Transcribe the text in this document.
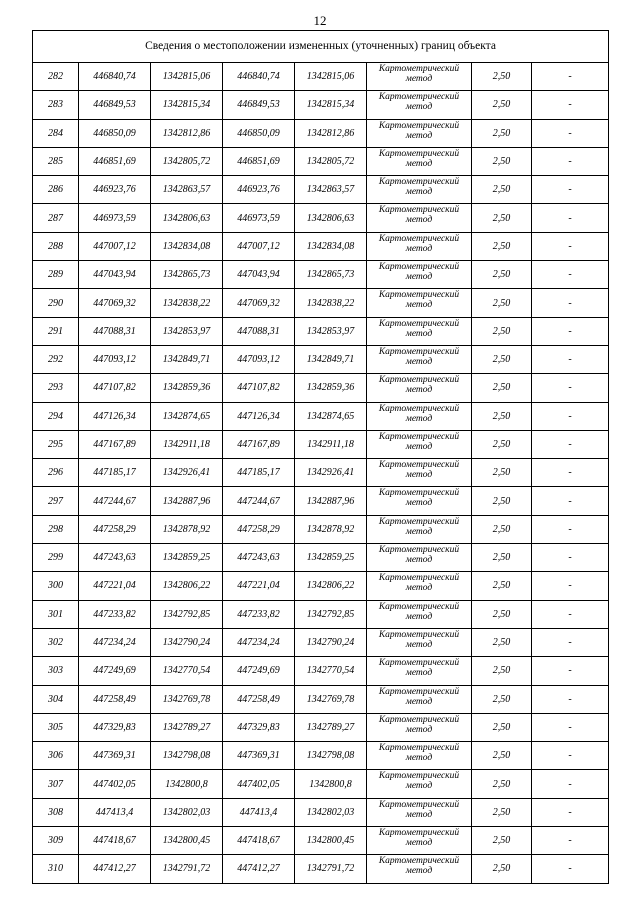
12
Сведения о местоположении измененных (уточненных) границ объекта							
282	446840,74	1342815,06	446840,74	1342815,06	Картометрический метод	2,50	-
283	446849,53	1342815,34	446849,53	1342815,34	Картометрический метод	2,50	-
284	446850,09	1342812,86	446850,09	1342812,86	Картометрический метод	2,50	-
285	446851,69	1342805,72	446851,69	1342805,72	Картометрический метод	2,50	-
286	446923,76	1342863,57	446923,76	1342863,57	Картометрический метод	2,50	-
287	446973,59	1342806,63	446973,59	1342806,63	Картометрический метод	2,50	-
288	447007,12	1342834,08	447007,12	1342834,08	Картометрический метод	2,50	-
289	447043,94	1342865,73	447043,94	1342865,73	Картометрический метод	2,50	-
290	447069,32	1342838,22	447069,32	1342838,22	Картометрический метод	2,50	-
291	447088,31	1342853,97	447088,31	1342853,97	Картометрический метод	2,50	-
292	447093,12	1342849,71	447093,12	1342849,71	Картометрический метод	2,50	-
293	447107,82	1342859,36	447107,82	1342859,36	Картометрический метод	2,50	-
294	447126,34	1342874,65	447126,34	1342874,65	Картометрический метод	2,50	-
295	447167,89	1342911,18	447167,89	1342911,18	Картометрический метод	2,50	-
296	447185,17	1342926,41	447185,17	1342926,41	Картометрический метод	2,50	-
297	447244,67	1342887,96	447244,67	1342887,96	Картометрический метод	2,50	-
298	447258,29	1342878,92	447258,29	1342878,92	Картометрический метод	2,50	-
299	447243,63	1342859,25	447243,63	1342859,25	Картометрический метод	2,50	-
300	447221,04	1342806,22	447221,04	1342806,22	Картометрический метод	2,50	-
301	447233,82	1342792,85	447233,82	1342792,85	Картометрический метод	2,50	-
302	447234,24	1342790,24	447234,24	1342790,24	Картометрический метод	2,50	-
303	447249,69	1342770,54	447249,69	1342770,54	Картометрический метод	2,50	-
304	447258,49	1342769,78	447258,49	1342769,78	Картометрический метод	2,50	-
305	447329,83	1342789,27	447329,83	1342789,27	Картометрический метод	2,50	-
306	447369,31	1342798,08	447369,31	1342798,08	Картометрический метод	2,50	-
307	447402,05	1342800,8	447402,05	1342800,8	Картометрический метод	2,50	-
308	447413,4	1342802,03	447413,4	1342802,03	Картометрический метод	2,50	-
309	447418,67	1342800,45	447418,67	1342800,45	Картометрический метод	2,50	-
310	447412,27	1342791,72	447412,27	1342791,72	Картометрический метод	2,50	-
